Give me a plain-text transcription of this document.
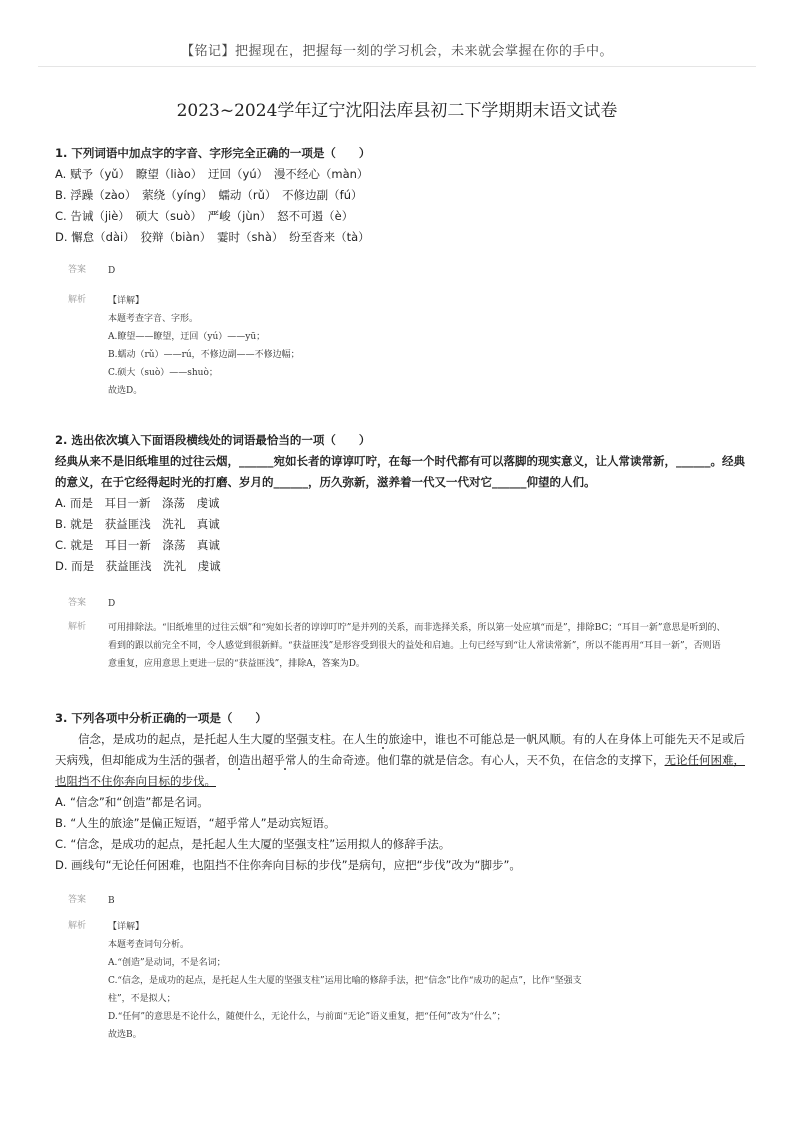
【铭记】把握现在，把握每一刻的学习机会，未来就会掌握在你的手中。
2023~2024学年辽宁沈阳法库县初二下学期期末语文试卷
1. 下列词语中加点字的字音、字形完全正确的一项是（　　）
A. 赋予（yǔ）　瞭望（liào）　迂回（yú）　漫不经心（màn）
B. 浮躁（zào）　萦绕（yíng）　蠕动（rǔ）　不修边副（fú）
C. 告诫（jiè）　硕大（suò）　严峻（jùn）　怒不可遏（è）
D. 懈怠（dài）　狡辩（biàn）　霎时（shà）　纷至沓来（tà）
答案	D
解析	【详解】
本题考查字音、字形。
A.瞭望——瞭望，迂回（yú）——yū；
B.蠕动（rǔ）——rú，不修边副——不修边幅；
C.硕大（suò）——shuò；
故选D。
2. 选出依次填入下面语段横线处的词语最恰当的一项（　　）
经典从来不是旧纸堆里的过往云烟，______宛如长者的谆谆叮咛，在每一个时代都有可以落脚的现实意义，让人常读常新，______。经典的意义，在于它经得起时光的打磨、岁月的______，历久弥新，滋养着一代又一代对它______仰望的人们。
A. 而是　耳目一新　涤荡　虔诚
B. 就是　获益匪浅　洗礼　真诚
C. 就是　耳目一新　涤荡　真诚
D. 而是　获益匪浅　洗礼　虔诚
答案	D
解析	可用排除法。“旧纸堆里的过往云烟”和“宛如长者的谆谆叮咛”是并列的关系，而非选择关系，所以第一处应填“而是”，排除BC；“耳目一新”意思是听到的、看到的跟以前完全不同，令人感觉到很新鲜。“获益匪浅”是形容受到很大的益处和启迪。上句已经写到“让人常读常新”，所以不能再用“耳目一新”，否则语意重复，应用意思上更进一层的“获益匪浅”，排除A，答案为D。
3. 下列各项中分析正确的一项是（　　）
信念，是成功的起点，是托起人生大厦的坚强支柱。在人生的旅途中，谁也不可能总是一帆风顺。有的人在身体上可能先天不足或后天病残，但却能成为生活的强者，创造出超乎常人的生命奇迹。他们靠的就是信念。有心人，天不负，在信念的支撑下，无论任何困难，也阻挡不住你奔向目标的步伐。
A. “信念”和“创造”都是名词。
B. “人生的旅途”是偏正短语，“超乎常人”是动宾短语。
C. “信念，是成功的起点，是托起人生大厦的坚强支柱”运用拟人的修辞手法。
D. 画线句“无论任何困难，也阻挡不住你奔向目标的步伐”是病句，应把“步伐”改为“脚步”。
答案	B
解析	【详解】
本题考查词句分析。
A.“创造”是动词，不是名词；
C.“信念，是成功的起点，是托起人生大厦的坚强支柱”运用比喻的修辞手法，把“信念”比作“成功的起点”，比作“坚强支
柱”，不是拟人；
D.“任何”的意思是不论什么，随便什么，无论什么，与前面“无论”语义重复，把“任何”改为“什么”；
故选B。
